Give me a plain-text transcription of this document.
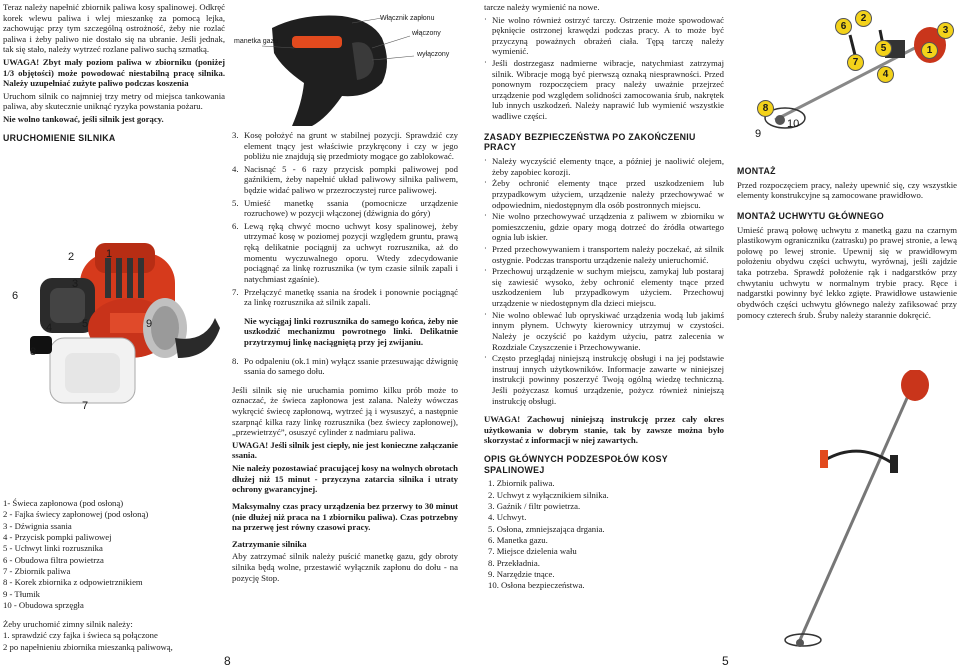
Teraz należy napełnić zbiornik paliwa kosy spalinowej. Odkręć korek wlewu paliwa i wlej mieszankę za pomocą lejka, zachowując przy tym szczególną ostrożność, żeby nie rozlać paliwa i żeby paliwo nie dostało się na ubranie. Jeśli jednak, tak się stało, należy wytrzeć rozlane paliwo suchą szmatką.
UWAGA! Zbyt mały poziom paliwa w zbiorniku (poniżej 1/3 objętości) może powodować niestabilną pracę silnika. Należy uzupełniać zużyte paliwo podczas koszenia
Uruchom silnik co najmniej trzy metry od miejsca tankowania paliwa, aby skutecznie uniknąć ryzyka powstania pożaru.
Nie wolno tankować, jeśli silnik jest gorący.
URUCHOMIENIE SILNIKA
2	1
6
3
4	5	9
8
7
1- Świeca zapłonowa (pod osłoną)
2 - Fajka świecy zapłonowej (pod osłoną)
3 - Dźwignia ssania
4 - Przycisk pompki paliwowej
5 - Uchwyt linki rozrusznika
6 - Obudowa filtra powietrza
7 - Zbiornik paliwa
8 - Korek zbiornika z odpowietrznikiem
9 - Tłumik
10 - Obudowa sprzęgła
Żeby uruchomić zimny silnik należy:
1. sprawdzić czy fajka i świeca są połączone
2 po napełnieniu zbiornika mieszanką paliwową,
8
Włącznik zapłonu
manetka gazu
włączony
wyłączony
3. Kosę położyć na grunt w stabilnej pozycji. Sprawdzić czy element tnący jest właściwie przykręcony i czy w jego pobliżu nie znajdują się przedmioty mogące go zablokować.
4. Nacisnąć 5 - 6 razy przycisk pompki paliwowej pod gaźnikiem, żeby napełnić układ paliwowy silnika paliwem, będzie widać paliwo w przezroczystej rurce paliwowej.
5. Umieść manetkę ssania (pomocnicze urządzenie rozruchowe) w pozycji włączonej (dźwignia do góry)
6. Lewą ręką chwyć mocno uchwyt kosy spalinowej, żeby utrzymać kosę w poziomej pozycji względem gruntu, prawą ręką delikatnie pociągnij za uchwyt rozrusznika, aż do momentu wyczuwalnego oporu. Wtedy zdecydowanie pociągnąć za linkę rozrusznika (w tym czasie silnik zapali i natychmiast zgaśnie).
7. Przełączyć manetkę ssania na środek i ponownie pociągnąć za linkę rozrusznika aż silnik zapali.
Nie wyciągaj linki rozrusznika do samego końca, żeby nie uszkodzić mechanizmu powrotnego linki. Delikatnie przytrzymuj linkę naciągniętą przy jej zwijaniu.
8. Po odpaleniu (ok.1 min) wyłącz ssanie przesuwając dźwignię ssania do samego dołu.
Jeśli silnik się nie uruchamia pomimo kilku prób może to oznaczać, że świeca zapłonowa jest zalana. Należy wówczas wykręcić świecę zapłonową, wytrzeć ją i wysuszyć, a następnie szarpnąć kilka razy linkę rozrusznika (bez świecy zapłonowej), „przewietrzyć”, osuszyć cylinder z nadmiaru paliwa.
UWAGA! Jeśli silnik jest ciepły, nie jest konieczne załączanie ssania.
Nie należy pozostawiać pracującej kosy na wolnych obrotach dłużej niż 15 minut - przyczyna zatarcia silnika i utraty ochrony gwarancyjnej.
Maksymalny czas pracy urządzenia bez przerwy to 30 minut (nie dłużej niż praca na 1 zbiorniku paliwa). Czas potrzebny na przerwę jest równy czasowi pracy.
Zatrzymanie silnika
Aby zatrzymać silnik należy puścić manetkę gazu, gdy obroty silnika będą wolne, przestawić wyłącznik zapłonu do dołu - na pozycję Stop.
tarcze należy wymienić na nowe.
· Nie wolno również ostrzyć tarczy. Ostrzenie może spowodować pęknięcie ostrzonej krawędzi podczas pracy. A to może być przyczyną poważnych obrażeń ciała. Tępą tarczę należy wymienić.
· Jeśli dostrzegasz nadmierne wibracje, natychmiast zatrzymaj silnik. Wibracje mogą być pierwszą oznaką niesprawności. Przed ponownym rozpoczęciem pracy należy uważnie przejrzeć urządzenie pod względem solidności zamocowania śrub, nakrętek lub innych uszkodzeń. Należy naprawić lub wymienić wszystkie wadliwe części.
ZASADY BEZPIECZEŃSTWA PO ZAKOŃCZENIU PRACY
· Należy wyczyścić elementy tnące, a później je naoliwić olejem, żeby zapobiec korozji.
· Żeby ochronić elementy tnące przed uszkodzeniem lub przypadkowym użyciem, urządzenie należy przechowywać w odpowiednim, niedostępnym dla osób postronnych miejscu.
· Nie wolno przechowywać urządzenia z paliwem w zbiorniku w pomieszczeniu, gdzie opary mogą dotrzeć do źródła otwartego ognia lub iskier.
· Przed przechowywaniem i transportem należy poczekać, aż silnik ostygnie. Podczas transportu urządzenie należy unieruchomić.
· Przechowuj urządzenie w suchym miejscu, zamykaj lub postaraj się zawiesić wysoko, żeby ochronić elementy tnące przed uszkodzeniem lub przypadkowym użyciem. Przechowuj urządzenie w niedostępnym dla dzieci miejscu.
· Nie wolno oblewać lub opryskiwać urządzenia wodą lub jakimś innym płynem. Uchwyty kierownicy utrzymuj w czystości. Należy je oczyścić po każdym użyciu, patrz zalecenia w Rozdziale Czyszczenie i Przechowywanie.
· Często przeglądaj niniejszą instrukcję obsługi i na jej podstawie instruuj innych użytkowników. Informacje zawarte w niniejszej instrukcji powinny poszerzyć Twoją ogólną wiedzę techniczną. Jeśli pożyczasz komuś urządzenie, pożycz również niniejszą instrukcję obsługi.
UWAGA! Zachowuj niniejszą instrukcję przez cały okres użytkowania w dobrym stanie, tak by zawsze można było skorzystać z informacji w niej zawartych.
OPIS GŁÓWNYCH PODZESPOŁÓW KOSY SPALINOWEJ
1. Zbiornik paliwa.
2. Uchwyt z wyłącznikiem silnika.
3. Gaźnik / filtr powietrza.
4. Uchwyt.
5. Osłona, zmniejszająca drgania.
6. Manetka gazu.
7. Miejsce dzielenia wału
8. Przekładnia.
9. Narzędzie tnące.
10. Osłona bezpieczeństwa.
5
6
2
3
5	1
7
4
8
10
9
MONTAŻ
Przed rozpoczęciem pracy, należy upewnić się, czy wszystkie elementy konstrukcyjne są zamocowane prawidłowo.
MONTAŻ UCHWYTU GŁÓWNEGO
Umieść prawą połowę uchwytu z manetką gazu na czarnym plastikowym ograniczniku (zatrasku) po prawej stronie, a lewą połowę po lewej stronie. Upewnij się w prawidłowym położeniu obydwu części uchwytu, wyrównaj, jeśli zajdzie taka potrzeba. Sprawdź położenie rąk i nadgarstków przy chwytaniu uchwytu w normalnym trybie pracy. Ręce i nadgarstki powinny być lekko zgięte. Prawidłowe ustawienie obydwóch części uchwytu głównego należy zafiksować przy pomocy czterech śrub. Śruby należy starannie dokręcić.
